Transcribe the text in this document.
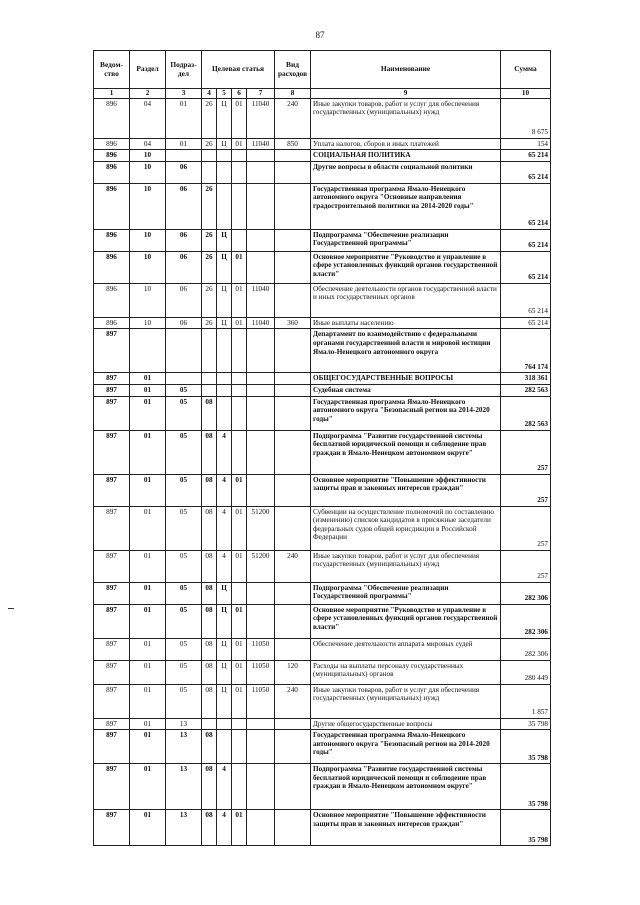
87
Ведом-ство	Раздел	Подраз-дел	Целевая статья				Вид расходов	Наименование	Сумма
1	2	3	4	5	6	7	8	9	10
896	04	01	26	Ц	01	11040	240	Иные закупки товаров, работ и услуг для обеспечения государственных (муниципальных) нужд	8 675
896	04	01	26	Ц	01	11040	850	Уплата налогов, сборов и иных платежей	154
896	10							СОЦИАЛЬНАЯ ПОЛИТИКА	65 214
896	10	06						Другие вопросы в области социальной политики	65 214
896	10	06	26					Государственная программа Ямало-Ненецкого автономного округа "Основные направления градостроительной политики на 2014-2020 годы"	65 214
896	10	06	26	Ц				Подпрограмма "Обеспечение реализации Государственной программы"	65 214
896	10	06	26	Ц	01			Основное мероприятие "Руководство и управление в сфере установленных функций органов государственной власти"	65 214
896	10	06	26	Ц	01	11040		Обеспечение деятельности органов государственной власти и иных государственных органов	65 214
896	10	06	26	Ц	01	11040	360	Иные выплаты населению	65 214
897								Департамент по взаимодействию с федеральными органами государственной власти и мировой юстиции Ямало-Ненецкого автономного округа	764 174
897	01							ОБЩЕГОСУДАРСТВЕННЫЕ ВОПРОСЫ	318 361
897	01	05						Судебная система	282 563
897	01	05	08					Государственная программа Ямало-Ненецкого автономного округа "Безопасный регион на 2014-2020 годы"	282 563
897	01	05	08	4				Подпрограмма "Развитие государственной системы бесплатной юридической помощи и соблюдение прав граждан в Ямало-Ненецком автономном округе"	257
897	01	05	08	4	01			Основное мероприятие "Повышение эффективности защиты прав и законных интересов граждан"	257
897	01	05	08	4	01	51200		Субвенции на осуществление полномочий по составлению (изменению) списков кандидатов в присяжные заседатели федеральных судов общей юрисдикции в Российской Федерации	257
897	01	05	08	4	01	51200	240	Иные закупки товаров, работ и услуг для обеспечения государственных (муниципальных) нужд	257
897	01	05	08	Ц				Подпрограмма "Обеспечение реализации Государственной программы"	282 306
897	01	05	08	Ц	01			Основное мероприятие "Руководство и управление в сфере установленных функций органов государственной власти"	282 306
897	01	05	08	Ц	01	11050		Обеспечение деятельности аппарата мировых судей	282 306
897	01	05	08	Ц	01	11050	120	Расходы на выплаты персоналу государственных (муниципальных) органов	280 449
897	01	05	08	Ц	01	11050	240	Иные закупки товаров, работ и услуг для обеспечения государственных (муниципальных) нужд	1 857
897	01	13						Другие общегосударственные вопросы	35 798
897	01	13	08					Государственная программа Ямало-Ненецкого автономного округа "Безопасный регион на 2014-2020 годы"	35 798
897	01	13	08	4				Подпрограмма "Развитие государственной системы бесплатной юридической помощи и соблюдение прав граждан в Ямало-Ненецком автономном округе"	35 798
897	01	13	08	4	01			Основное мероприятие "Повышение эффективности защиты прав и законных интересов граждан"	35 798
